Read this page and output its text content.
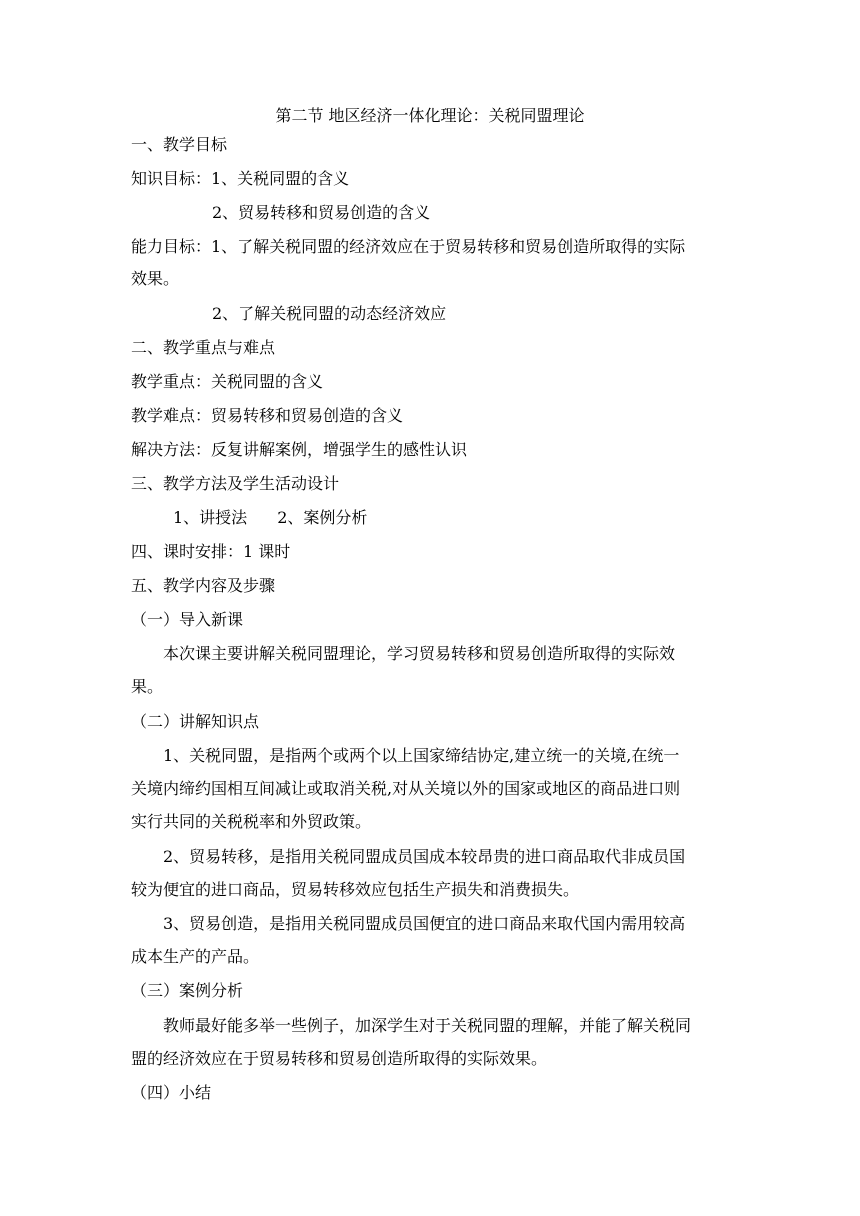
第二节 地区经济一体化理论：关税同盟理论
一、教学目标
知识目标：1、关税同盟的含义
2、贸易转移和贸易创造的含义
能力目标：1、了解关税同盟的经济效应在于贸易转移和贸易创造所取得的实际
效果。
2、了解关税同盟的动态经济效应
二、教学重点与难点
教学重点：关税同盟的含义
教学难点：贸易转移和贸易创造的含义
解决方法：反复讲解案例，增强学生的感性认识
三、教学方法及学生活动设计
1、讲授法 2、案例分析
四、课时安排：1 课时
五、教学内容及步骤
（一）导入新课
本次课主要讲解关税同盟理论，学习贸易转移和贸易创造所取得的实际效
果。
（二）讲解知识点
1、关税同盟，是指两个或两个以上国家缔结协定,建立统一的关境,在统一
关境内缔约国相互间减让或取消关税,对从关境以外的国家或地区的商品进口则
实行共同的关税税率和外贸政策。
2、贸易转移，是指用关税同盟成员国成本较昂贵的进口商品取代非成员国
较为便宜的进口商品，贸易转移效应包括生产损失和消费损失。
3、贸易创造，是指用关税同盟成员国便宜的进口商品来取代国内需用较高
成本生产的产品。
（三）案例分析
教师最好能多举一些例子，加深学生对于关税同盟的理解，并能了解关税同
盟的经济效应在于贸易转移和贸易创造所取得的实际效果。
（四）小结
